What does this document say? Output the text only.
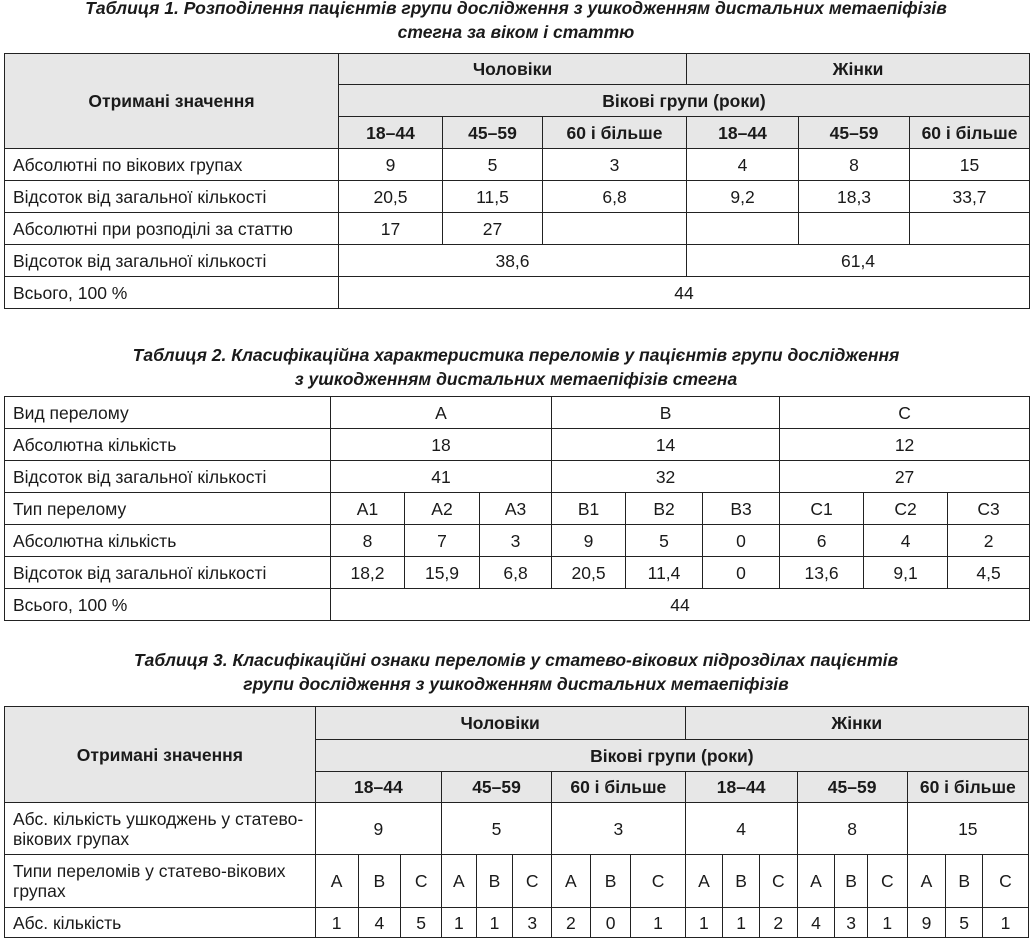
Таблиця 1. Розподілення пацієнтів групи дослідження з ушкодженням дистальних метаепіфізів
стегна за віком і статтю
Отримані значення	Чоловіки			Жінки		
	Вікові групи (роки)					
	18–44	45–59	60 і більше	18–44	45–59	60 і більше
Абсолютні по вікових групах	9	5	3	4	8	15
Відсоток від загальної кількості	20,5	11,5	6,8	9,2	18,3	33,7
Абсолютні при розподілі за статтю	17	27				
Відсоток від загальної кількості	38,6			61,4		
Всього, 100 %	44					
Таблиця 2. Класифікаційна характеристика переломів у пацієнтів групи дослідження
з ушкодженням дистальних метаепіфізів стегна
Вид перелому	A			B			C		
Абсолютна кількість	18			14			12		
Відсоток від загальної кількості	41			32			27		
Тип перелому	A1	A2	A3	B1	B2	B3	C1	C2	C3
Абсолютна кількість	8	7	3	9	5	0	6	4	2
Відсоток від загальної кількості	18,2	15,9	6,8	20,5	11,4	0	13,6	9,1	4,5
Всього, 100 %	44								
Таблиця 3. Класифікаційні ознаки переломів у статево-вікових підрозділах пацієнтів
групи дослідження з ушкодженням дистальних метаепіфізів
Отримані значення	Чоловіки									Жінки								
	Вікові групи (роки)																	
	18–44			45–59			60 і більше			18–44			45–59			60 і більше		
Абс. кількість ушкоджень у статево-вікових групах	9			5			3			4			8			15		
Типи переломів у статево-вікових групах	A	B	C	A	B	C	A	B	C	A	B	C	A	B	C	A	B	C
Абс. кількість	1	4	5	1	1	3	2	0	1	1	1	2	4	3	1	9	5	1
